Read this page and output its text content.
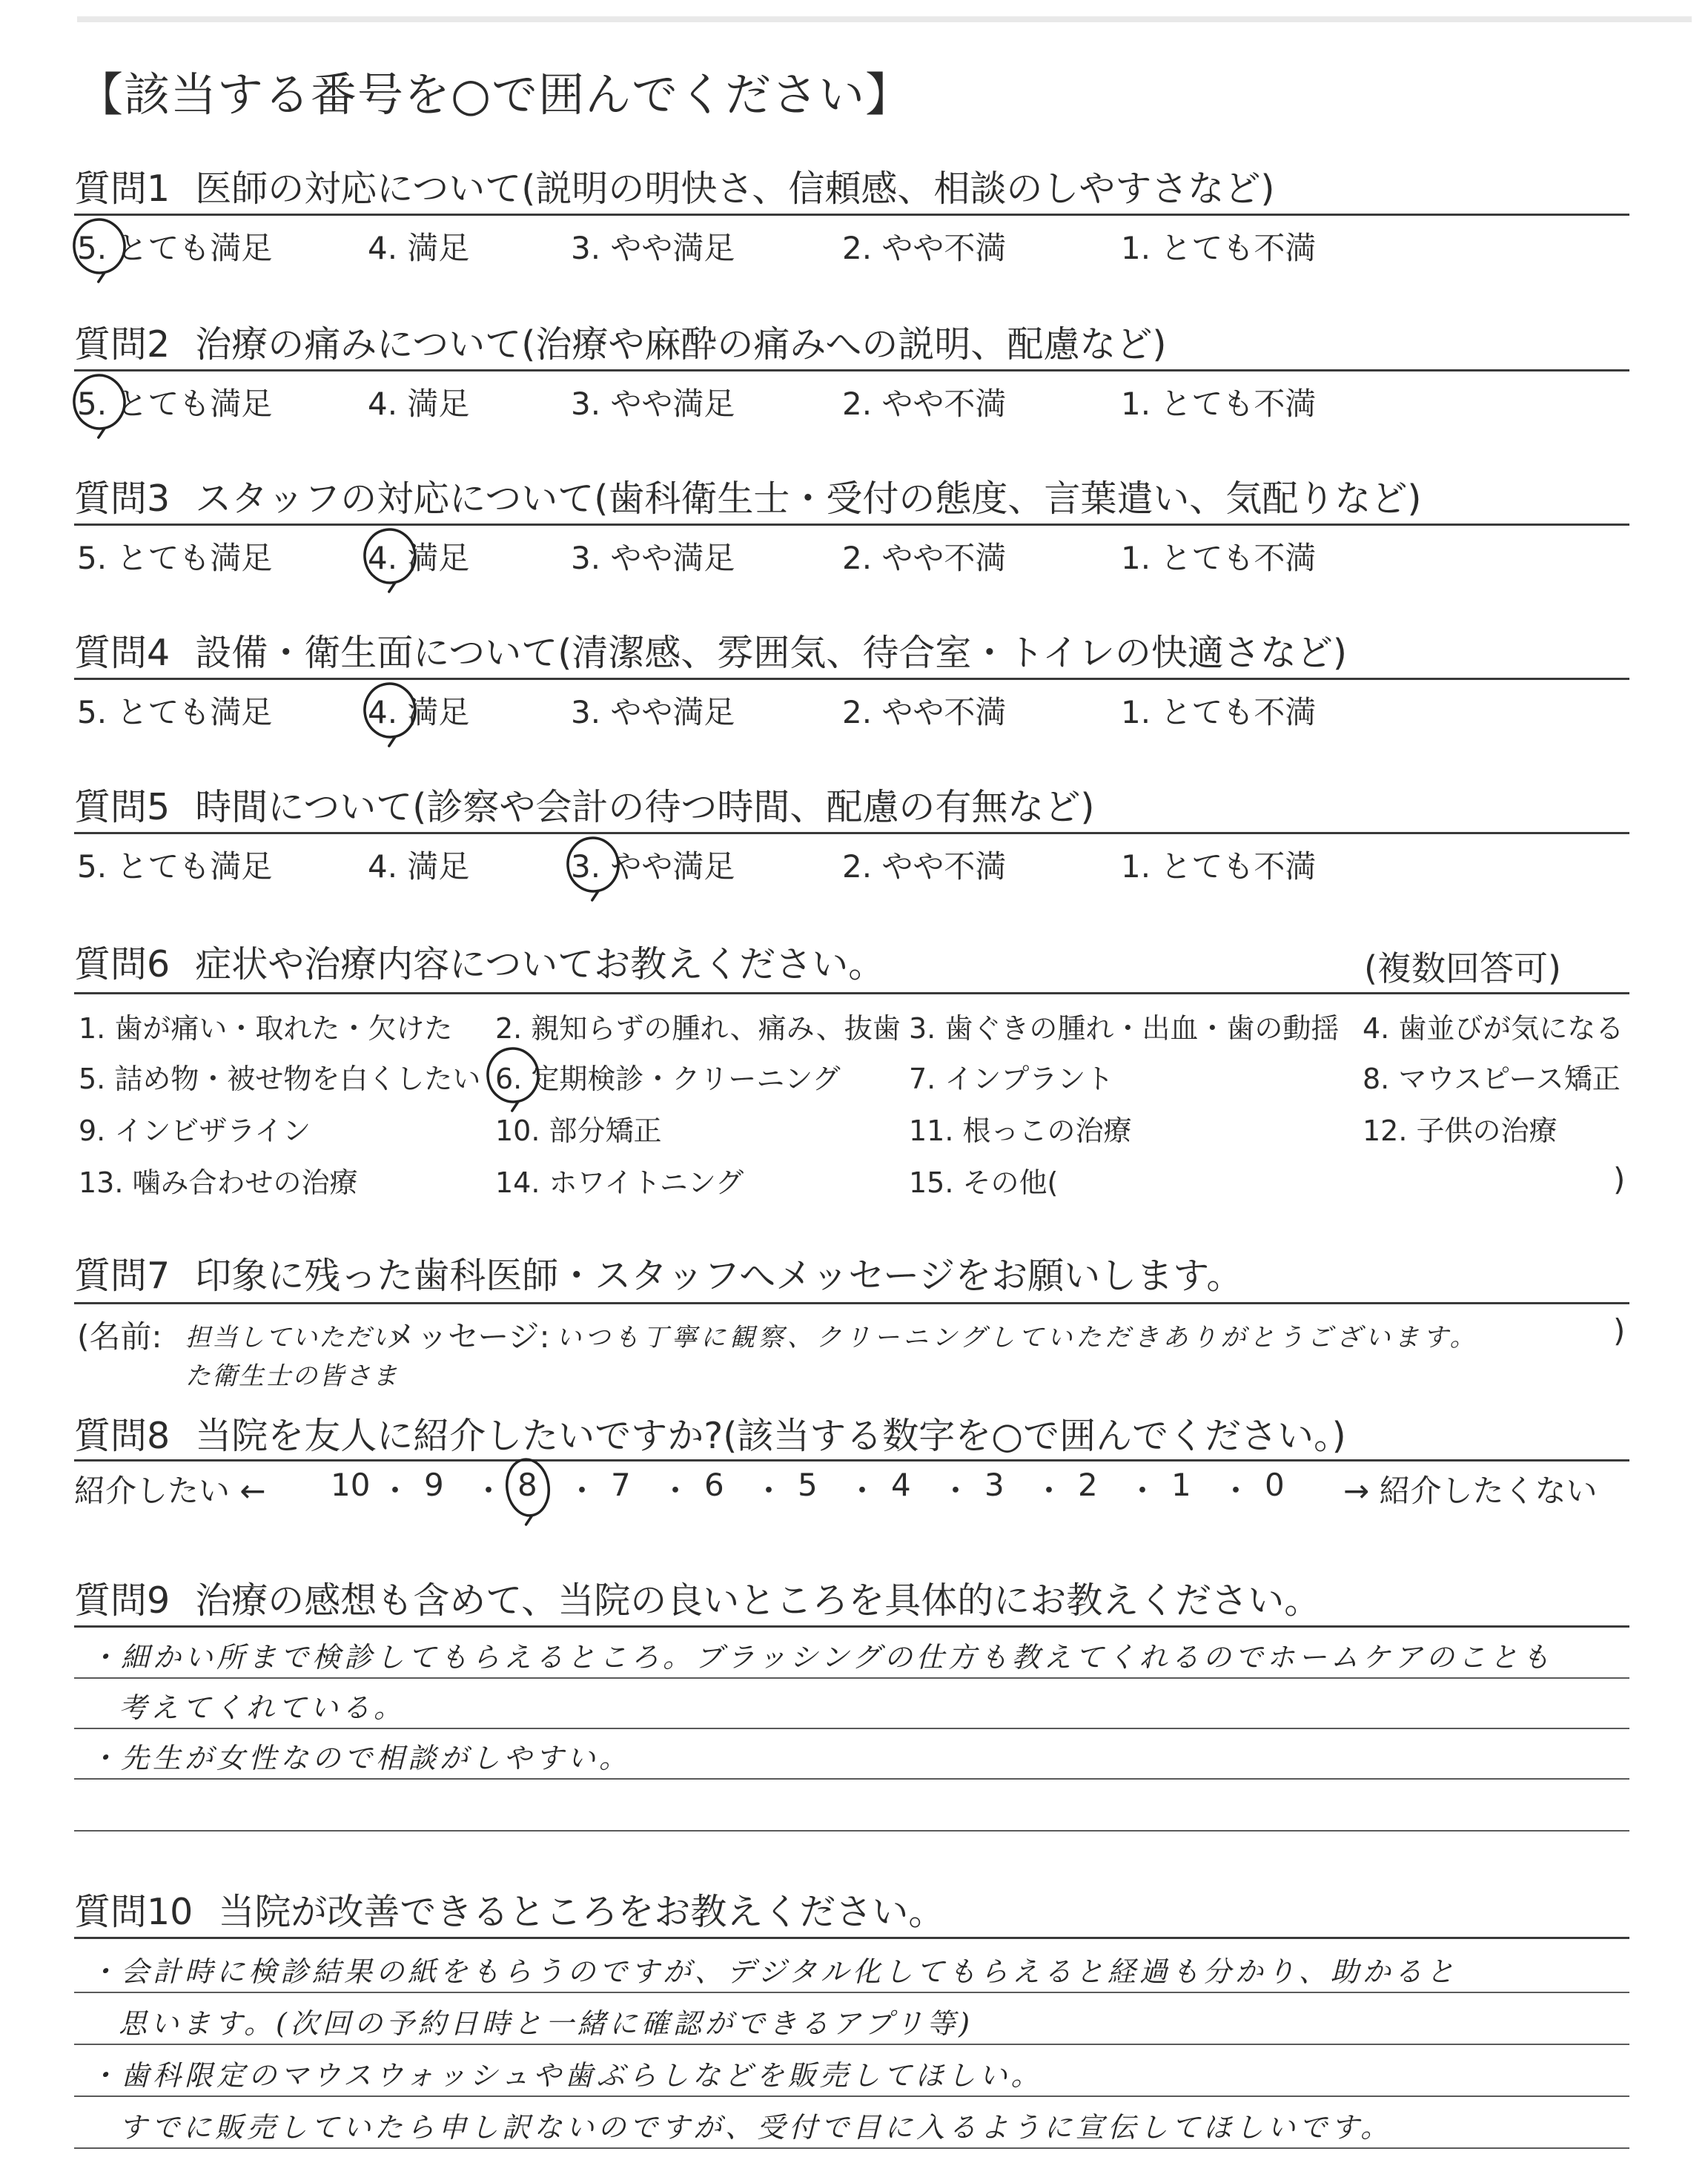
【該当する番号を○で囲んでください】
質問1 医師の対応について(説明の明快さ、信頼感、相談のしやすさなど)
5. とても満足	4. 満足	3. やや満足	2. やや不満	1. とても不満
質問2 治療の痛みについて(治療や麻酔の痛みへの説明、配慮など)
5. とても満足	4. 満足	3. やや満足	2. やや不満	1. とても不満
質問3 スタッフの対応について(歯科衛生士・受付の態度、言葉遣い、気配りなど)
5. とても満足	4. 満足	3. やや満足	2. やや不満	1. とても不満
質問4 設備・衛生面について(清潔感、雰囲気、待合室・トイレの快適さなど)
5. とても満足	4. 満足	3. やや満足	2. やや不満	1. とても不満
質問5 時間について(診察や会計の待つ時間、配慮の有無など)
5. とても満足	4. 満足	3. やや満足	2. やや不満	1. とても不満
質問6 症状や治療内容についてお教えください。	(複数回答可)
1. 歯が痛い・取れた・欠けた 2. 親知らずの腫れ、痛み、抜歯 3. 歯ぐきの腫れ・出血・歯の動揺 4. 歯並びが気になる
5. 詰め物・被せ物を白くしたい 6. 定期検診・クリーニング 7. インプラント	8. マウスピース矯正
9. インビザライン	10. 部分矯正	11. 根っこの治療	12. 子供の治療
13. 噛み合わせの治療	14. ホワイトニング	15. その他(	)
質問7 印象に残った歯科医師・スタッフへメッセージをお願いします。
(名前: 担当していただい
た衛生士の皆さま
メッセージ: いつも丁寧に観察、クリーニングしていただきありがとうございます。	)
質問8 当院を友人に紹介したいですか?(該当する数字を○で囲んでください。)
紹介したい ←	→ 紹介したくない
10 ・ 9 ・ 8 ・ 7 ・ 6 ・ 5 ・ 4 ・ 3 ・ 2 ・ 1 ・ 0
質問9 治療の感想も含めて、当院の良いところを具体的にお教えください。
・細かい所まで検診してもらえるところ。ブラッシングの仕方も教えてくれるのでホームケアのことも
考えてくれている。
・先生が女性なので相談がしやすい。
質問10 当院が改善できるところをお教えください。
・会計時に検診結果の紙をもらうのですが、デジタル化してもらえると経過も分かり、助かると
思います。(次回の予約日時と一緒に確認ができるアプリ等)
・歯科限定のマウスウォッシュや歯ぶらしなどを販売してほしい。
すでに販売していたら申し訳ないのですが、受付で目に入るように宣伝してほしいです。
